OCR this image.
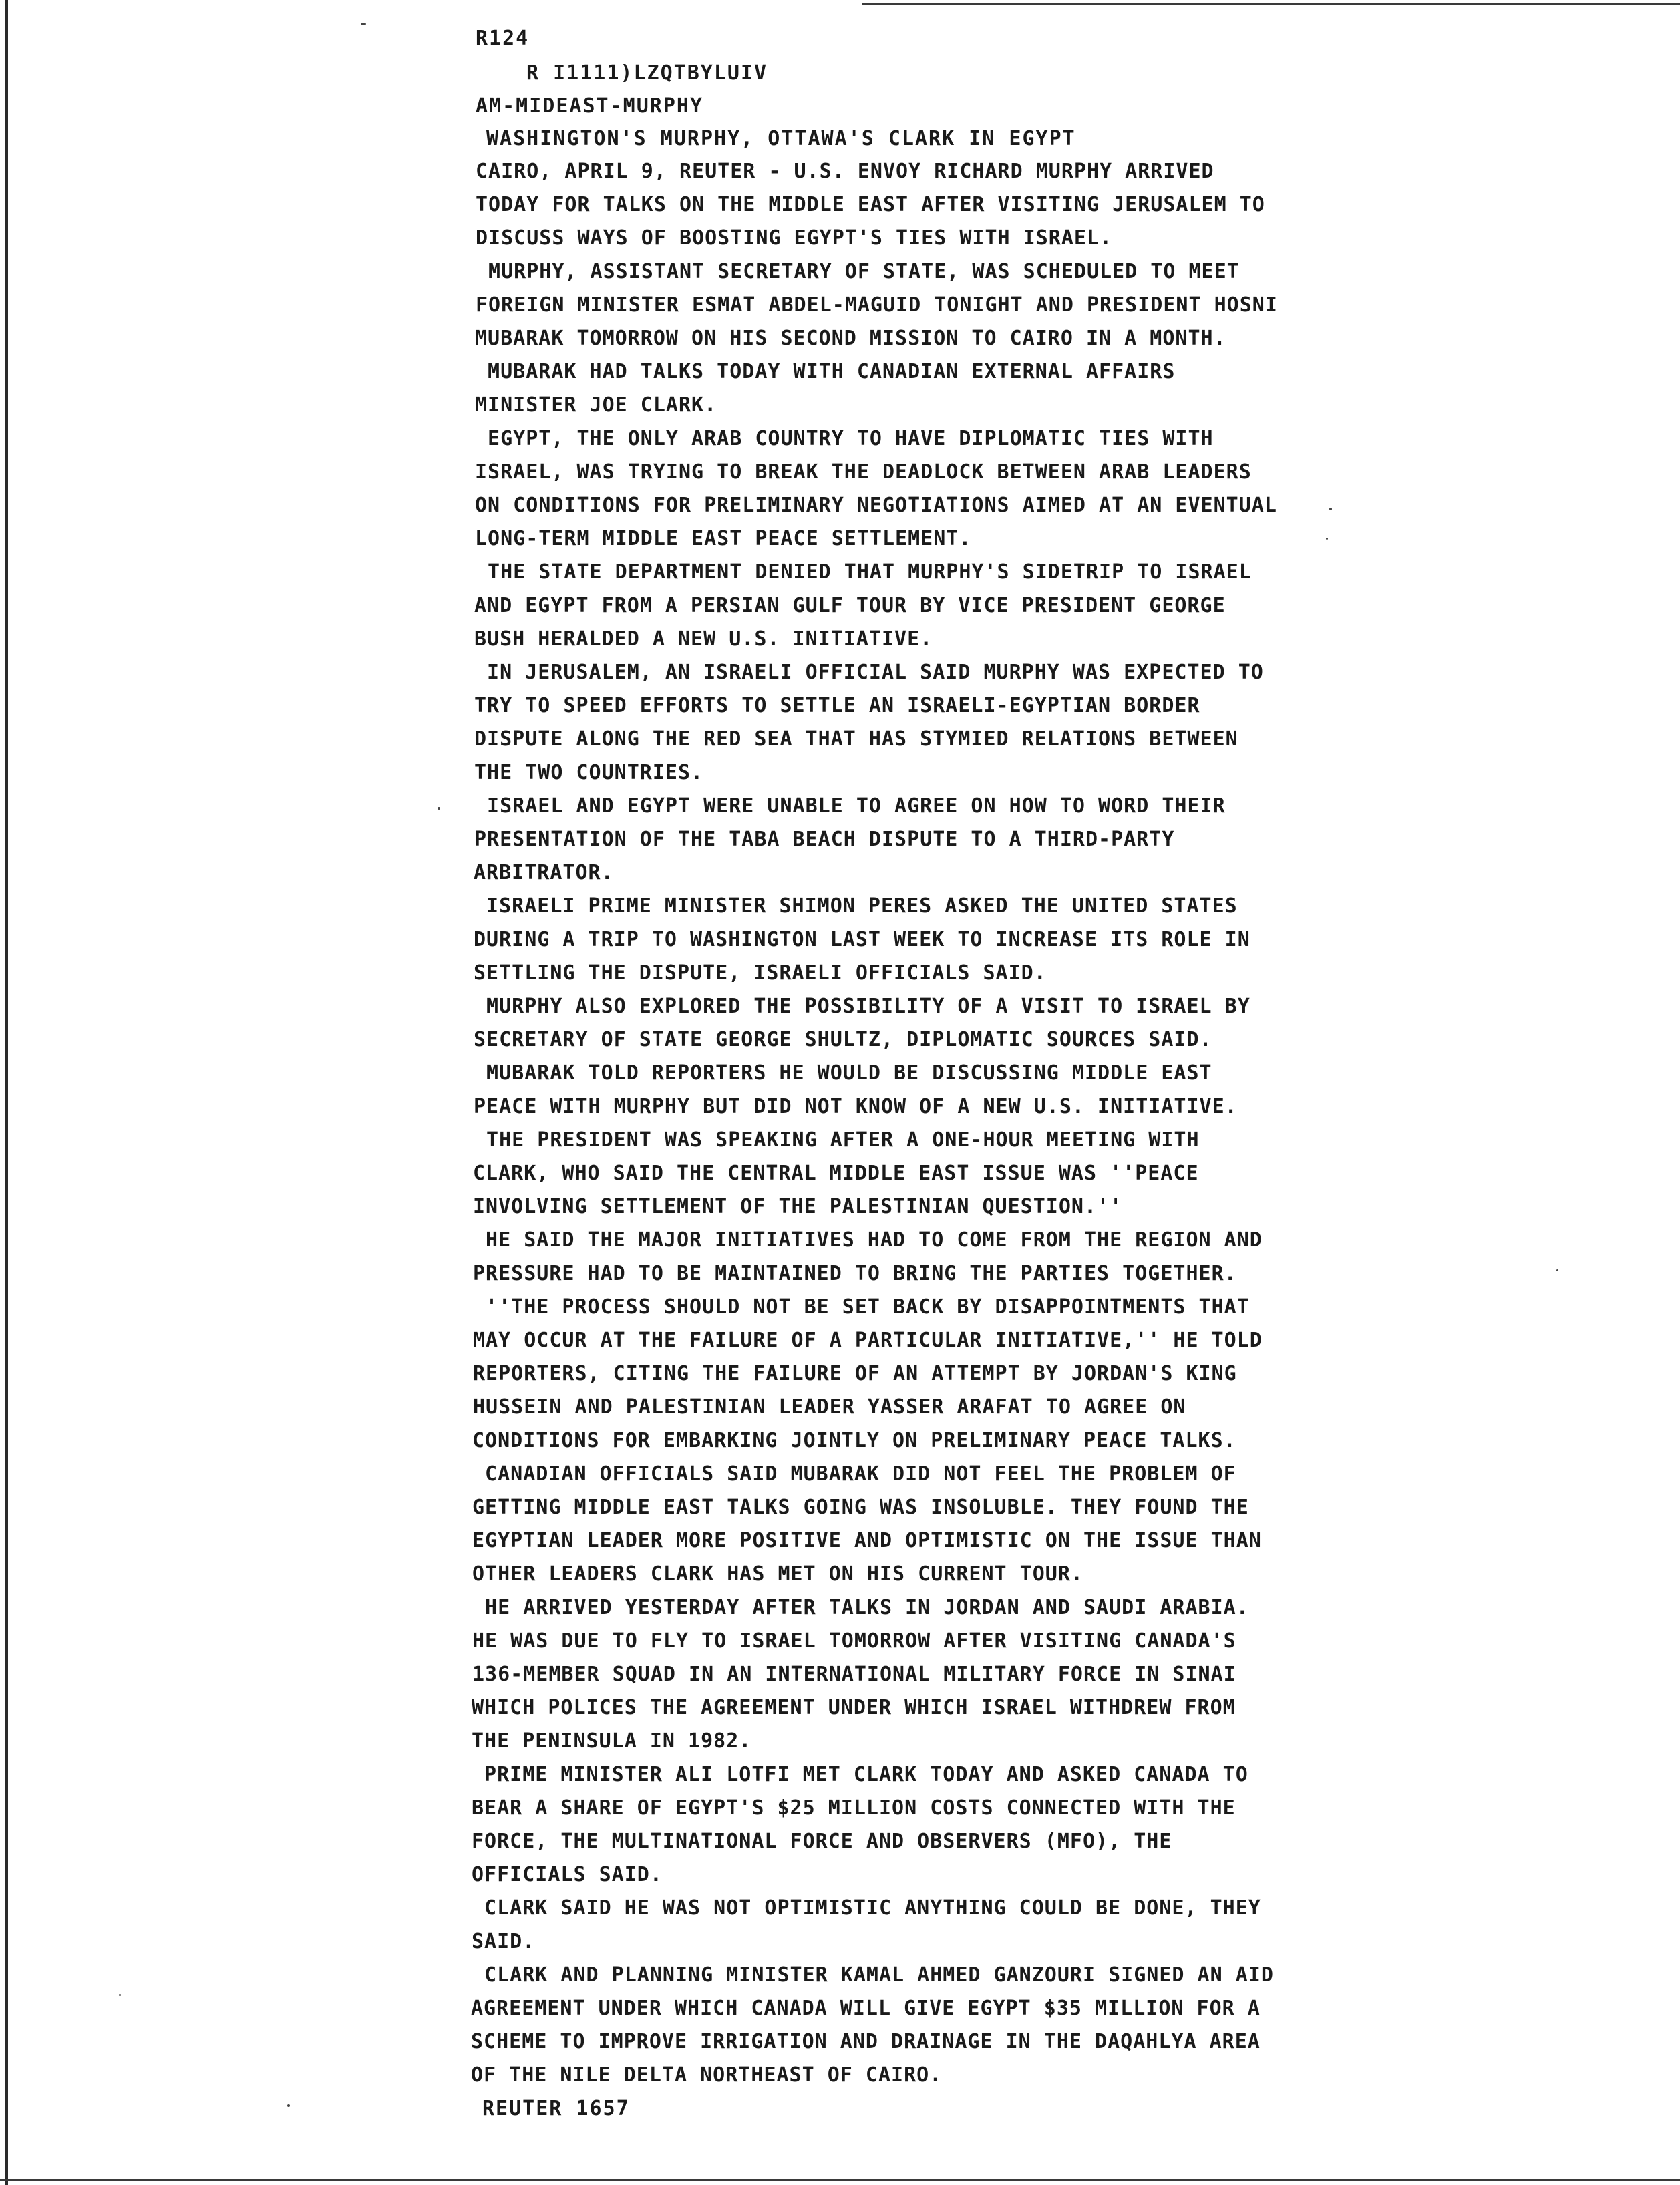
R124
R I1111)LZQTBYLUIV
AM-MIDEAST-MURPHY
WASHINGTON'S MURPHY, OTTAWA'S CLARK IN EGYPT
CAIRO, APRIL 9, REUTER - U.S. ENVOY RICHARD MURPHY ARRIVED
TODAY FOR TALKS ON THE MIDDLE EAST AFTER VISITING JERUSALEM TO
DISCUSS WAYS OF BOOSTING EGYPT'S TIES WITH ISRAEL.
MURPHY, ASSISTANT SECRETARY OF STATE, WAS SCHEDULED TO MEET
FOREIGN MINISTER ESMAT ABDEL-MAGUID TONIGHT AND PRESIDENT HOSNI
MUBARAK TOMORROW ON HIS SECOND MISSION TO CAIRO IN A MONTH.
MUBARAK HAD TALKS TODAY WITH CANADIAN EXTERNAL AFFAIRS
MINISTER JOE CLARK.
EGYPT, THE ONLY ARAB COUNTRY TO HAVE DIPLOMATIC TIES WITH
ISRAEL, WAS TRYING TO BREAK THE DEADLOCK BETWEEN ARAB LEADERS
ON CONDITIONS FOR PRELIMINARY NEGOTIATIONS AIMED AT AN EVENTUAL
LONG-TERM MIDDLE EAST PEACE SETTLEMENT.
THE STATE DEPARTMENT DENIED THAT MURPHY'S SIDETRIP TO ISRAEL
AND EGYPT FROM A PERSIAN GULF TOUR BY VICE PRESIDENT GEORGE
BUSH HERALDED A NEW U.S. INITIATIVE.
IN JERUSALEM, AN ISRAELI OFFICIAL SAID MURPHY WAS EXPECTED TO
TRY TO SPEED EFFORTS TO SETTLE AN ISRAELI-EGYPTIAN BORDER
DISPUTE ALONG THE RED SEA THAT HAS STYMIED RELATIONS BETWEEN
THE TWO COUNTRIES.
ISRAEL AND EGYPT WERE UNABLE TO AGREE ON HOW TO WORD THEIR
PRESENTATION OF THE TABA BEACH DISPUTE TO A THIRD-PARTY
ARBITRATOR.
ISRAELI PRIME MINISTER SHIMON PERES ASKED THE UNITED STATES
DURING A TRIP TO WASHINGTON LAST WEEK TO INCREASE ITS ROLE IN
SETTLING THE DISPUTE, ISRAELI OFFICIALS SAID.
MURPHY ALSO EXPLORED THE POSSIBILITY OF A VISIT TO ISRAEL BY
SECRETARY OF STATE GEORGE SHULTZ, DIPLOMATIC SOURCES SAID.
MUBARAK TOLD REPORTERS HE WOULD BE DISCUSSING MIDDLE EAST
PEACE WITH MURPHY BUT DID NOT KNOW OF A NEW U.S. INITIATIVE.
THE PRESIDENT WAS SPEAKING AFTER A ONE-HOUR MEETING WITH
CLARK, WHO SAID THE CENTRAL MIDDLE EAST ISSUE WAS ''PEACE
INVOLVING SETTLEMENT OF THE PALESTINIAN QUESTION.''
HE SAID THE MAJOR INITIATIVES HAD TO COME FROM THE REGION AND
PRESSURE HAD TO BE MAINTAINED TO BRING THE PARTIES TOGETHER.
''THE PROCESS SHOULD NOT BE SET BACK BY DISAPPOINTMENTS THAT
MAY OCCUR AT THE FAILURE OF A PARTICULAR INITIATIVE,'' HE TOLD
REPORTERS, CITING THE FAILURE OF AN ATTEMPT BY JORDAN'S KING
HUSSEIN AND PALESTINIAN LEADER YASSER ARAFAT TO AGREE ON
CONDITIONS FOR EMBARKING JOINTLY ON PRELIMINARY PEACE TALKS.
CANADIAN OFFICIALS SAID MUBARAK DID NOT FEEL THE PROBLEM OF
GETTING MIDDLE EAST TALKS GOING WAS INSOLUBLE. THEY FOUND THE
EGYPTIAN LEADER MORE POSITIVE AND OPTIMISTIC ON THE ISSUE THAN
OTHER LEADERS CLARK HAS MET ON HIS CURRENT TOUR.
HE ARRIVED YESTERDAY AFTER TALKS IN JORDAN AND SAUDI ARABIA.
HE WAS DUE TO FLY TO ISRAEL TOMORROW AFTER VISITING CANADA'S
136-MEMBER SQUAD IN AN INTERNATIONAL MILITARY FORCE IN SINAI
WHICH POLICES THE AGREEMENT UNDER WHICH ISRAEL WITHDREW FROM
THE PENINSULA IN 1982.
PRIME MINISTER ALI LOTFI MET CLARK TODAY AND ASKED CANADA TO
BEAR A SHARE OF EGYPT'S $25 MILLION COSTS CONNECTED WITH THE
FORCE, THE MULTINATIONAL FORCE AND OBSERVERS (MFO), THE
OFFICIALS SAID.
CLARK SAID HE WAS NOT OPTIMISTIC ANYTHING COULD BE DONE, THEY
SAID.
CLARK AND PLANNING MINISTER KAMAL AHMED GANZOURI SIGNED AN AID
AGREEMENT UNDER WHICH CANADA WILL GIVE EGYPT $35 MILLION FOR A
SCHEME TO IMPROVE IRRIGATION AND DRAINAGE IN THE DAQAHLYA AREA
OF THE NILE DELTA NORTHEAST OF CAIRO.
REUTER 1657
